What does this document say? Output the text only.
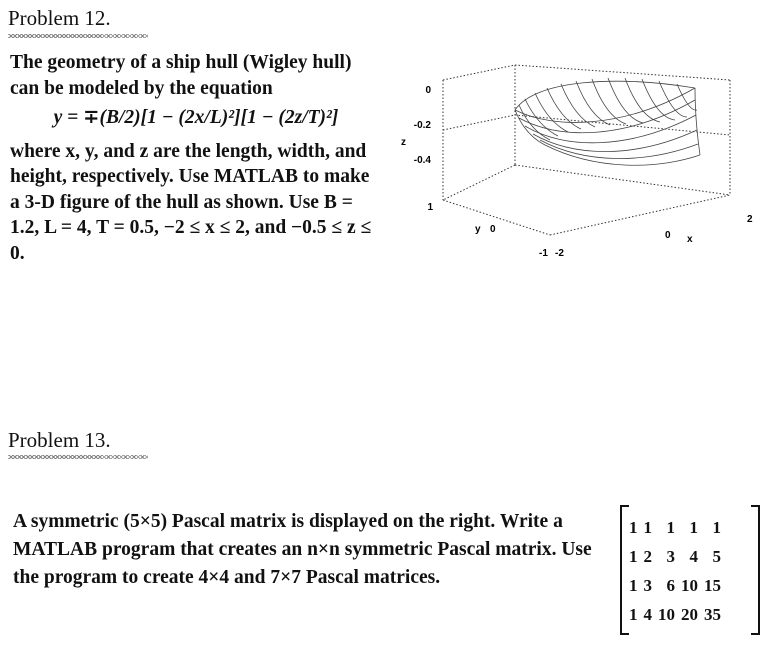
Problem 12.

The geometry of a ship hull (Wigley hull) can be modeled by the equation

y = ∓(B/2)[1 − (2x/L)²][1 − (2z/T)²]

where x, y, and z are the length, width, and height, respectively. Use MATLAB to make a 3-D figure of the hull as shown. Use B = 1.2, L = 4, T = 0.5, −2 ≤ x ≤ 2, and −0.5 ≤ z ≤ 0.

0
-0.2
-0.4
z
1
0
-1
y
-2
0
2
x
Problem 13.
A symmetric (5×5) Pascal matrix is displayed on the right. Write a MATLAB program that creates an n×n symmetric Pascal matrix. Use the program to create 4×4 and 7×7 Pascal matrices.
1	1	1	1	1
1	2	3	4	5
1	3	6	10	15
1	4	10	20	35
